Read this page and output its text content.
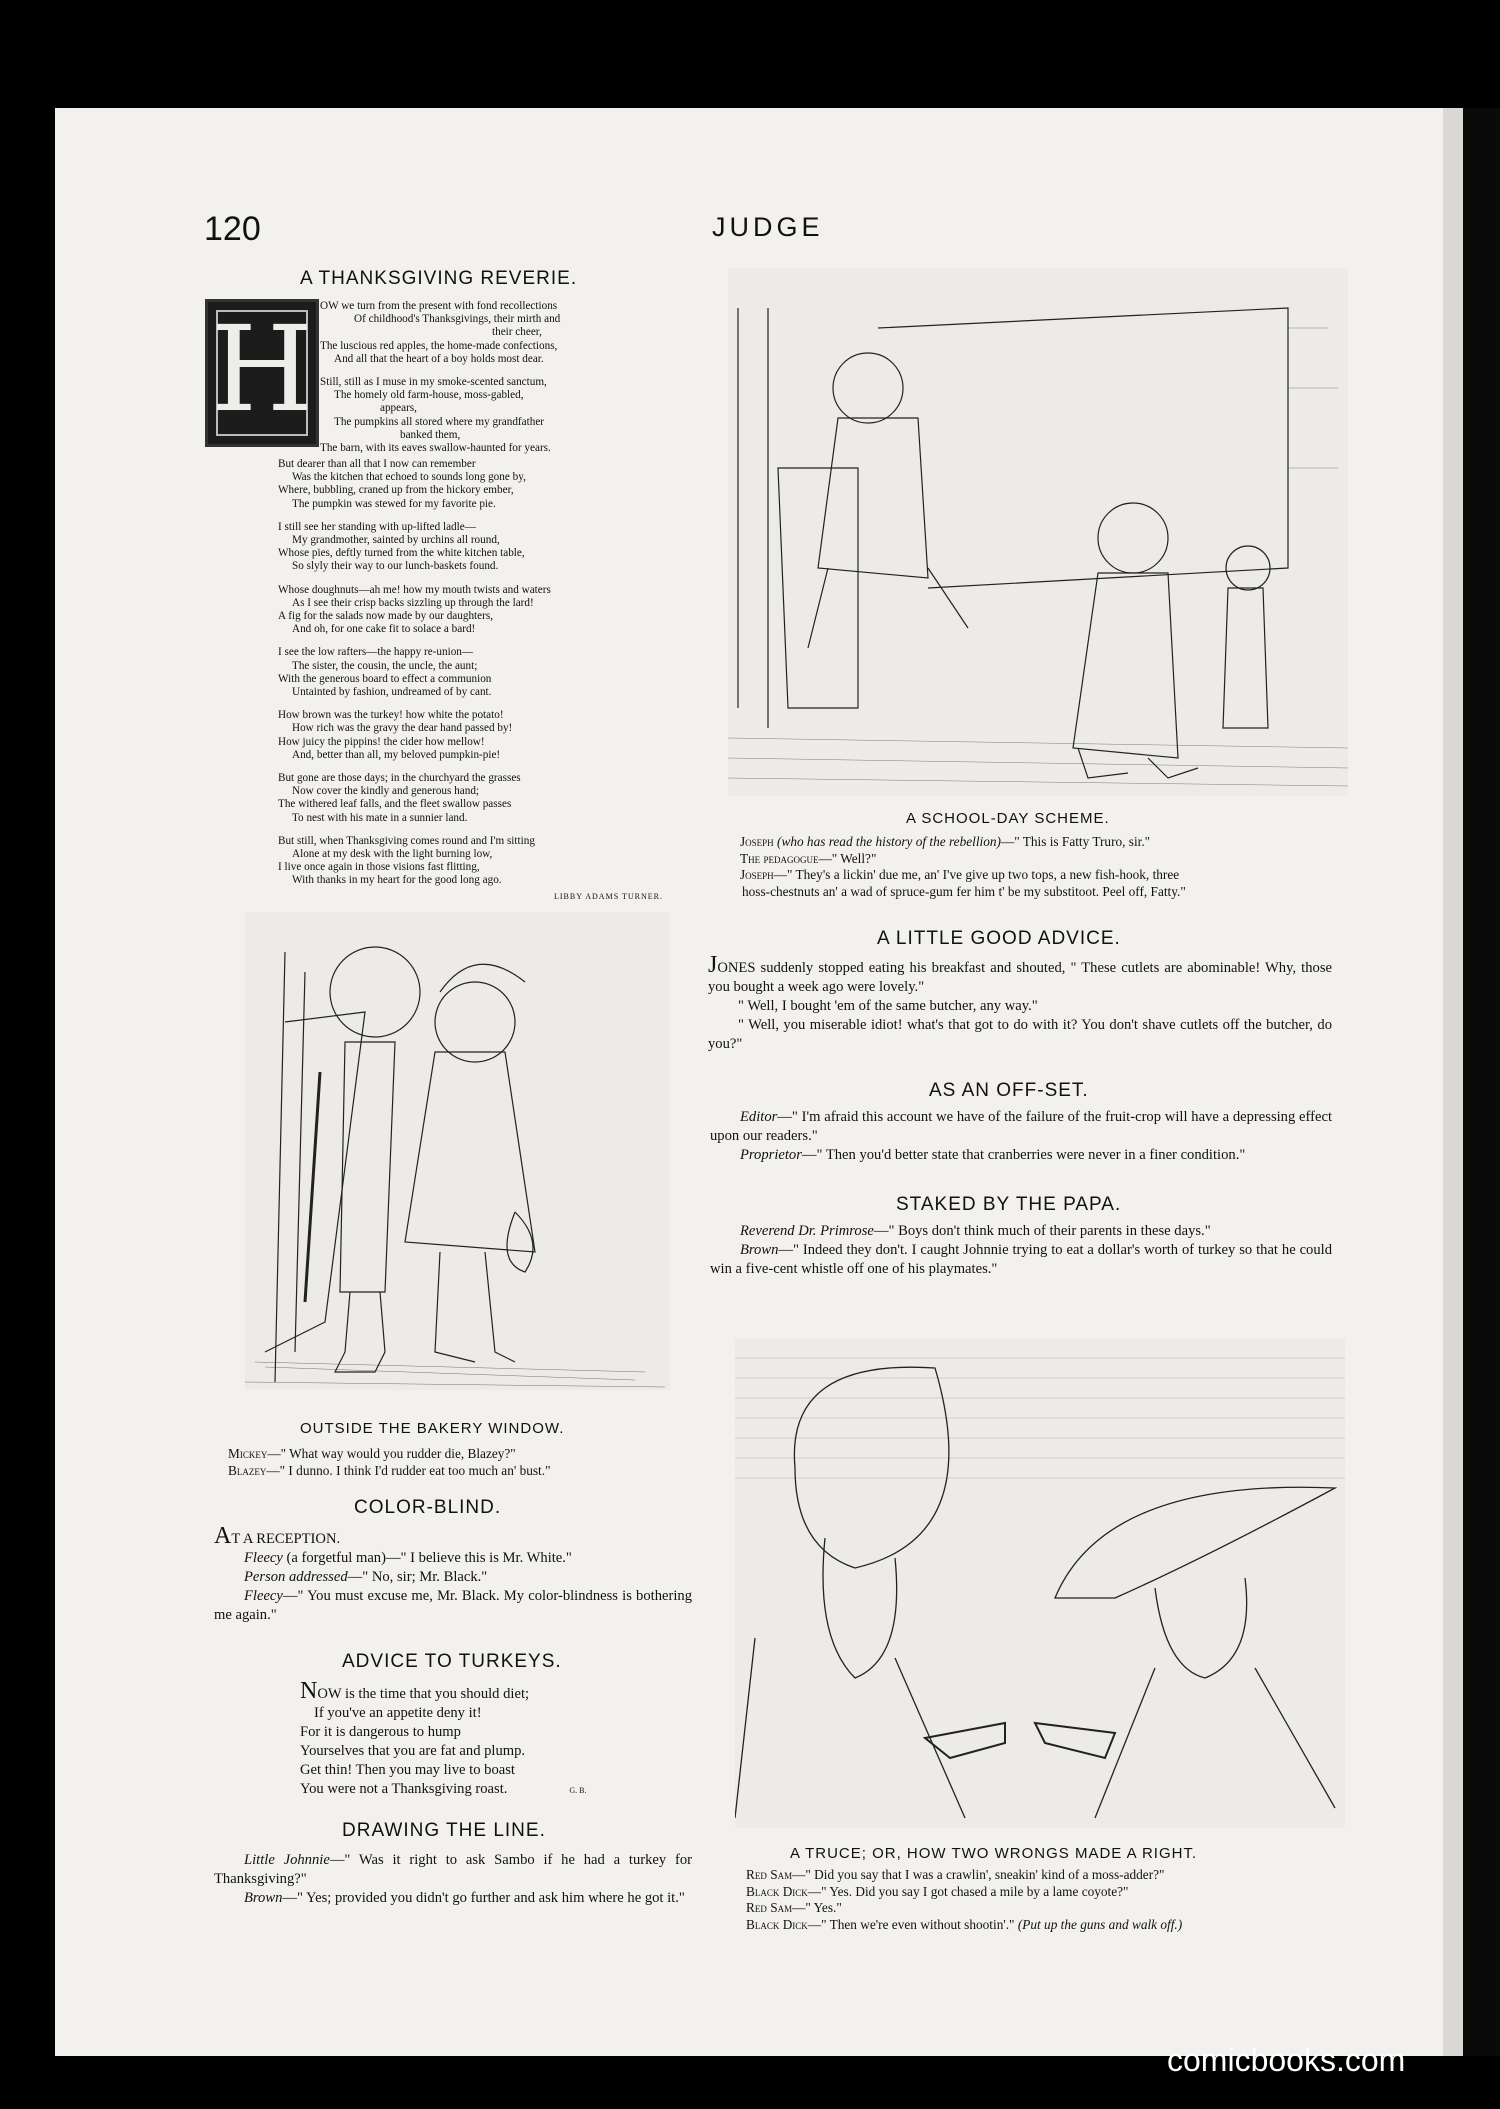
120	JUDGE
A THANKSGIVING REVERIE.
H OW we turn from the present with fond recollections
Of childhood's Thanksgivings, their mirth and
their cheer,
The luscious red apples, the home-made confections,
And all that the heart of a boy holds most dear.
Still, still as I muse in my smoke-scented sanctum,
The homely old farm-house, moss-gabled,
appears,
The pumpkins all stored where my grandfather
banked them,
The barn, with its eaves swallow-haunted for years.
But dearer than all that I now can remember
Was the kitchen that echoed to sounds long gone by,
Where, bubbling, craned up from the hickory ember,
The pumpkin was stewed for my favorite pie.
I still see her standing with up-lifted ladle—
My grandmother, sainted by urchins all round,
Whose pies, deftly turned from the white kitchen table,
So slyly their way to our lunch-baskets found.
Whose doughnuts—ah me! how my mouth twists and waters
As I see their crisp backs sizzling up through the lard!
A fig for the salads now made by our daughters,
And oh, for one cake fit to solace a bard!
I see the low rafters—the happy re-union—
The sister, the cousin, the uncle, the aunt;
With the generous board to effect a communion
Untainted by fashion, undreamed of by cant.
How brown was the turkey! how white the potato!
How rich was the gravy the dear hand passed by!
How juicy the pippins! the cider how mellow!
And, better than all, my beloved pumpkin-pie!
But gone are those days; in the churchyard the grasses
Now cover the kindly and generous hand;
The withered leaf falls, and the fleet swallow passes
To nest with his mate in a sunnier land.
But still, when Thanksgiving comes round and I'm sitting
Alone at my desk with the light burning low,
I live once again in those visions fast flitting,
With thanks in my heart for the good long ago.
LIBBY ADAMS TURNER.
OUTSIDE THE BAKERY WINDOW.
Mickey—" What way would you rudder die, Blazey?"
Blazey—" I dunno. I think I'd rudder eat too much an' bust."
COLOR-BLIND.

AT A RECEPTION.

Fleecy (a forgetful man)—" I believe this is Mr. White."

Person addressed—" No, sir; Mr. Black."

Fleecy—" You must excuse me, Mr. Black. My color-blindness is bothering me again."

ADVICE TO TURKEYS.

NOW is the time that you should diet;

If you've an appetite deny it!

For it is dangerous to hump

Yourselves that you are fat and plump.

Get thin! Then you may live to boast

You were not a Thanksgiving roast.	G. B.

DRAWING THE LINE.

Little Johnnie—" Was it right to ask Sambo if he had a turkey for Thanksgiving?"

Brown—" Yes; provided you didn't go further and ask him where he got it."

A SCHOOL-DAY SCHEME.
Joseph (who has read the history of the rebellion)—" This is Fatty Truro, sir."
The pedagogue—" Well?"
Joseph—" They's a lickin' due me, an' I've give up two tops, a new fish-hook, three
hoss-chestnuts an' a wad of spruce-gum fer him t' be my substitoot. Peel off, Fatty."
A LITTLE GOOD ADVICE.

JONES suddenly stopped eating his breakfast and shouted, " These cutlets are abominable! Why, those you bought a week ago were lovely."

" Well, I bought 'em of the same butcher, any way."

" Well, you miserable idiot! what's that got to do with it? You don't shave cutlets off the butcher, do you?"

AS AN OFF-SET.

Editor—" I'm afraid this account we have of the failure of the fruit-crop will have a depressing effect upon our readers."

Proprietor—" Then you'd better state that cranberries were never in a finer condition."

STAKED BY THE PAPA.

Reverend Dr. Primrose—" Boys don't think much of their parents in these days."

Brown—" Indeed they don't. I caught Johnnie trying to eat a dollar's worth of turkey so that he could win a five-cent whistle off one of his playmates."

A TRUCE; OR, HOW TWO WRONGS MADE A RIGHT.
Red Sam—" Did you say that I was a crawlin', sneakin' kind of a moss-adder?"
Black Dick—" Yes. Did you say I got chased a mile by a lame coyote?"
Red Sam—" Yes."
Black Dick—" Then we're even without shootin'." (Put up the guns and walk off.)
comicbooks.com
